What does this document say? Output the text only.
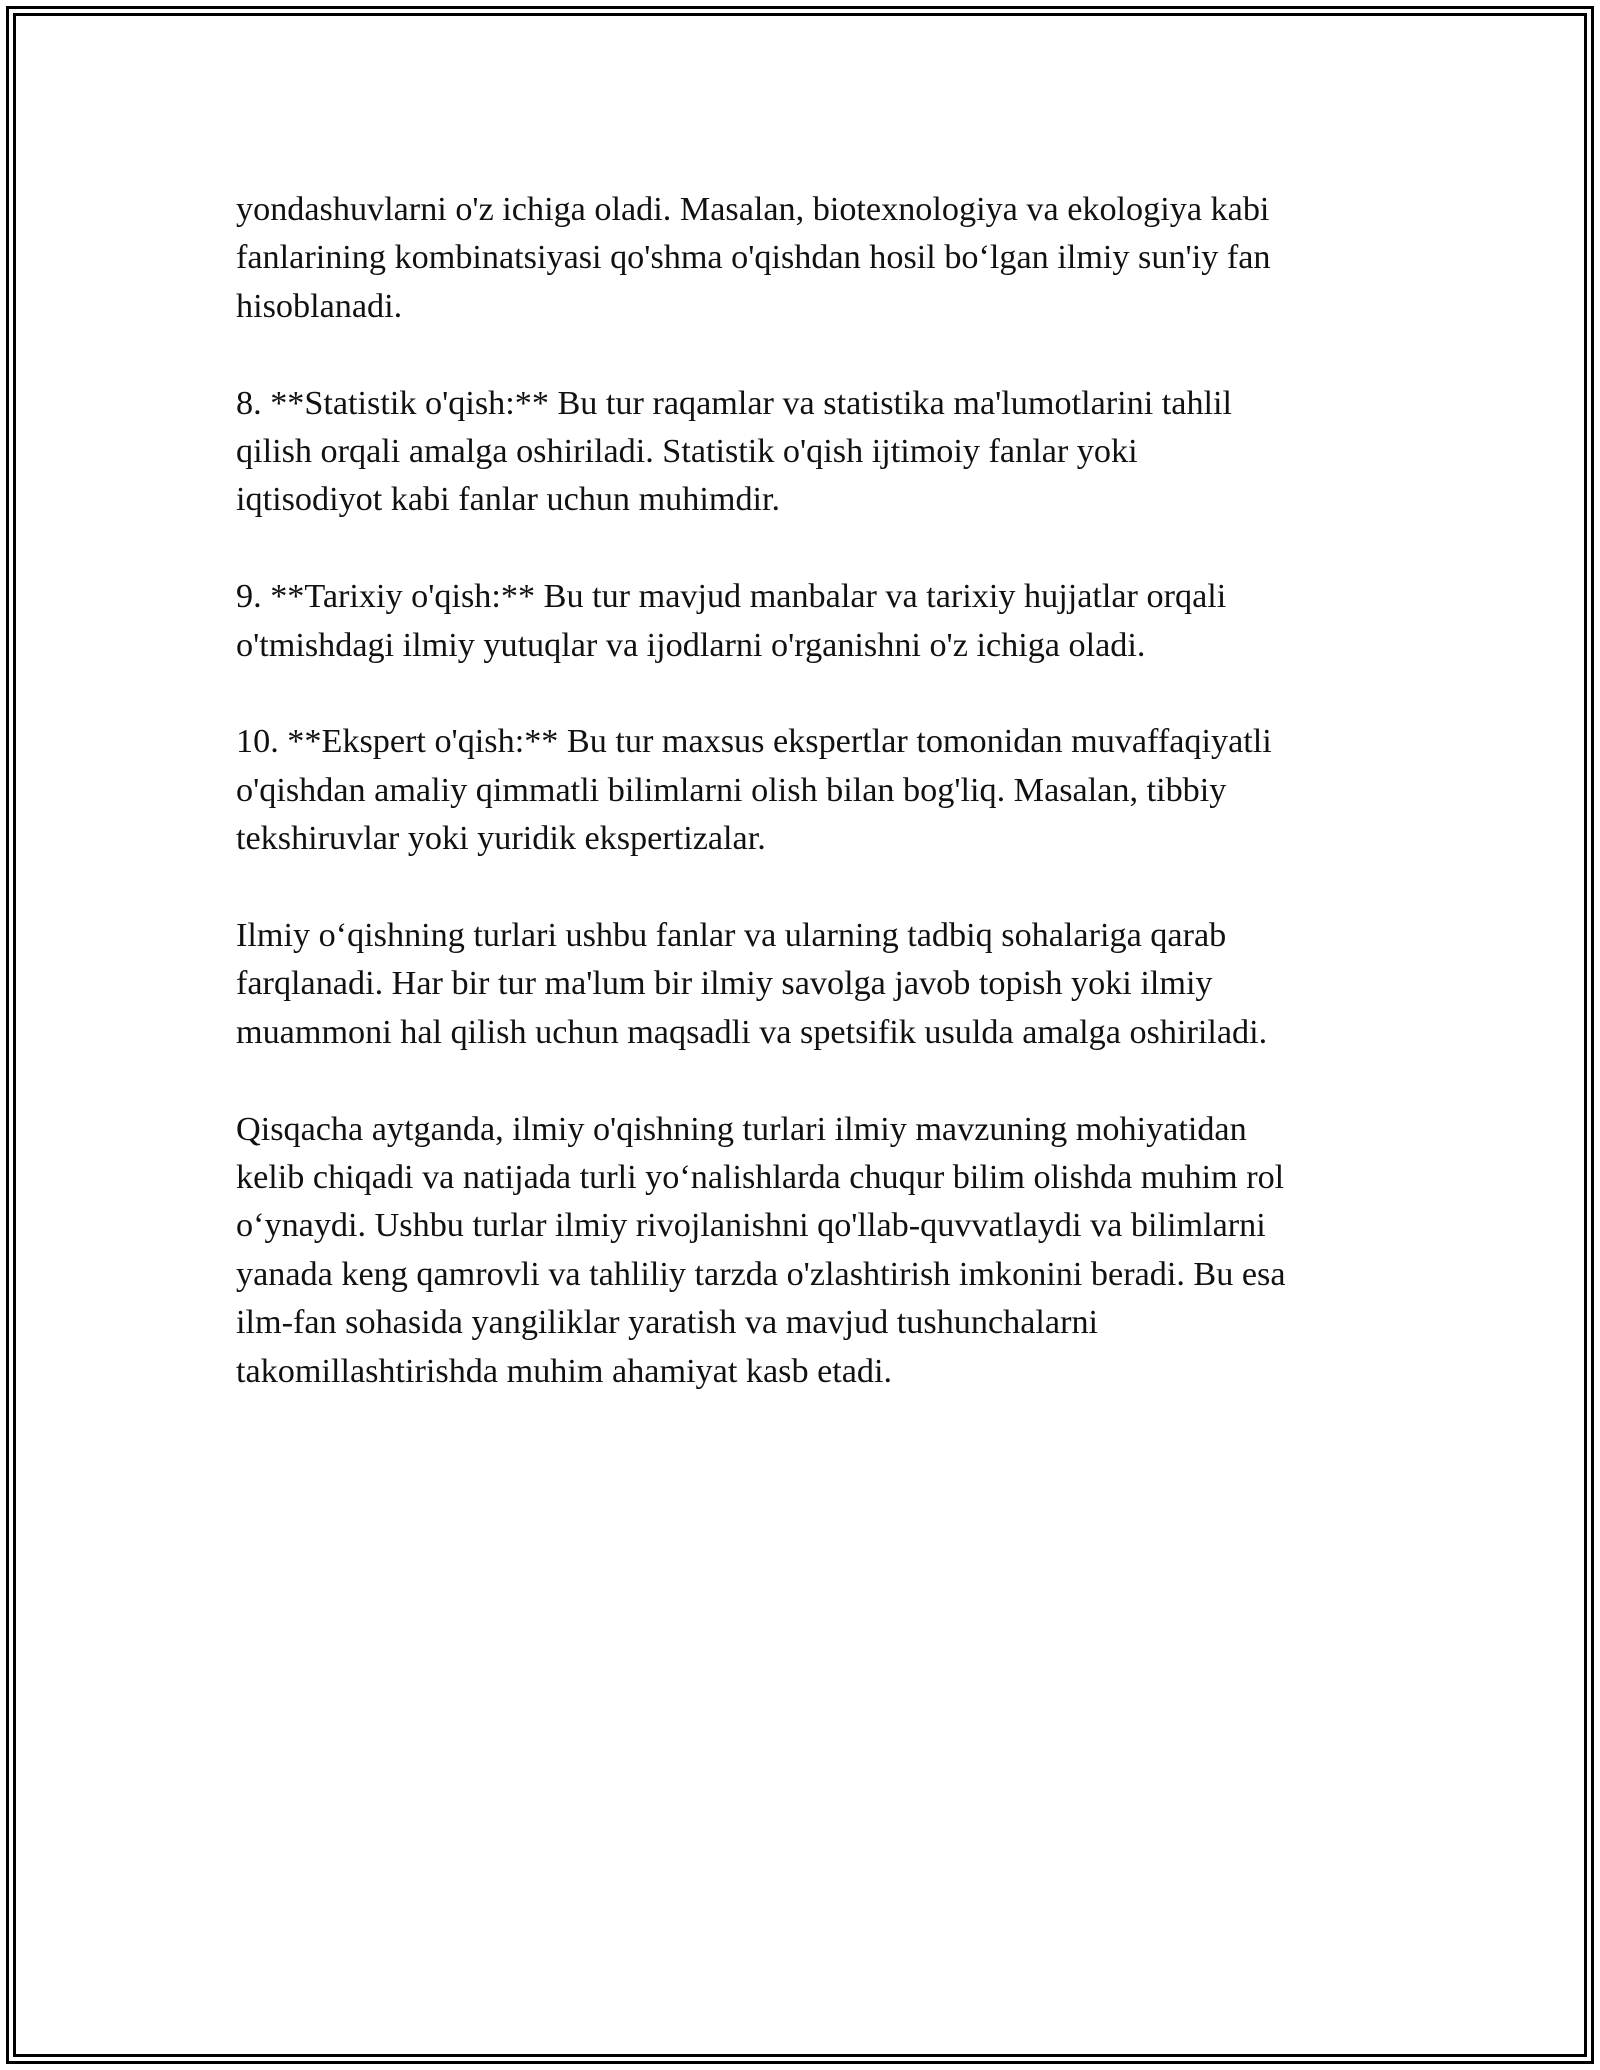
yondashuvlarni o'z ichiga oladi. Masalan, biotexnologiya va ekologiya kabi
fanlarining kombinatsiyasi qo'shma o'qishdan hosil bo‘lgan ilmiy sun'iy fan
hisoblanadi.

8. **Statistik o'qish:** Bu tur raqamlar va statistika ma'lumotlarini tahlil
qilish orqali amalga oshiriladi. Statistik o'qish ijtimoiy fanlar yoki
iqtisodiyot kabi fanlar uchun muhimdir.

9. **Tarixiy o'qish:** Bu tur mavjud manbalar va tarixiy hujjatlar orqali
o'tmishdagi ilmiy yutuqlar va ijodlarni o'rganishni o'z ichiga oladi.

10. **Ekspert o'qish:** Bu tur maxsus ekspertlar tomonidan muvaffaqiyatli
o'qishdan amaliy qimmatli bilimlarni olish bilan bog'liq. Masalan, tibbiy
tekshiruvlar yoki yuridik ekspertizalar.

Ilmiy o‘qishning turlari ushbu fanlar va ularning tadbiq sohalariga qarab
farqlanadi. Har bir tur ma'lum bir ilmiy savolga javob topish yoki ilmiy
muammoni hal qilish uchun maqsadli va spetsifik usulda amalga oshiriladi.

Qisqacha aytganda, ilmiy o'qishning turlari ilmiy mavzuning mohiyatidan
kelib chiqadi va natijada turli yo‘nalishlarda chuqur bilim olishda muhim rol
o‘ynaydi. Ushbu turlar ilmiy rivojlanishni qo'llab-quvvatlaydi va bilimlarni
yanada keng qamrovli va tahliliy tarzda o'zlashtirish imkonini beradi. Bu esa
ilm-fan sohasida yangiliklar yaratish va mavjud tushunchalarni
takomillashtirishda muhim ahamiyat kasb etadi.
